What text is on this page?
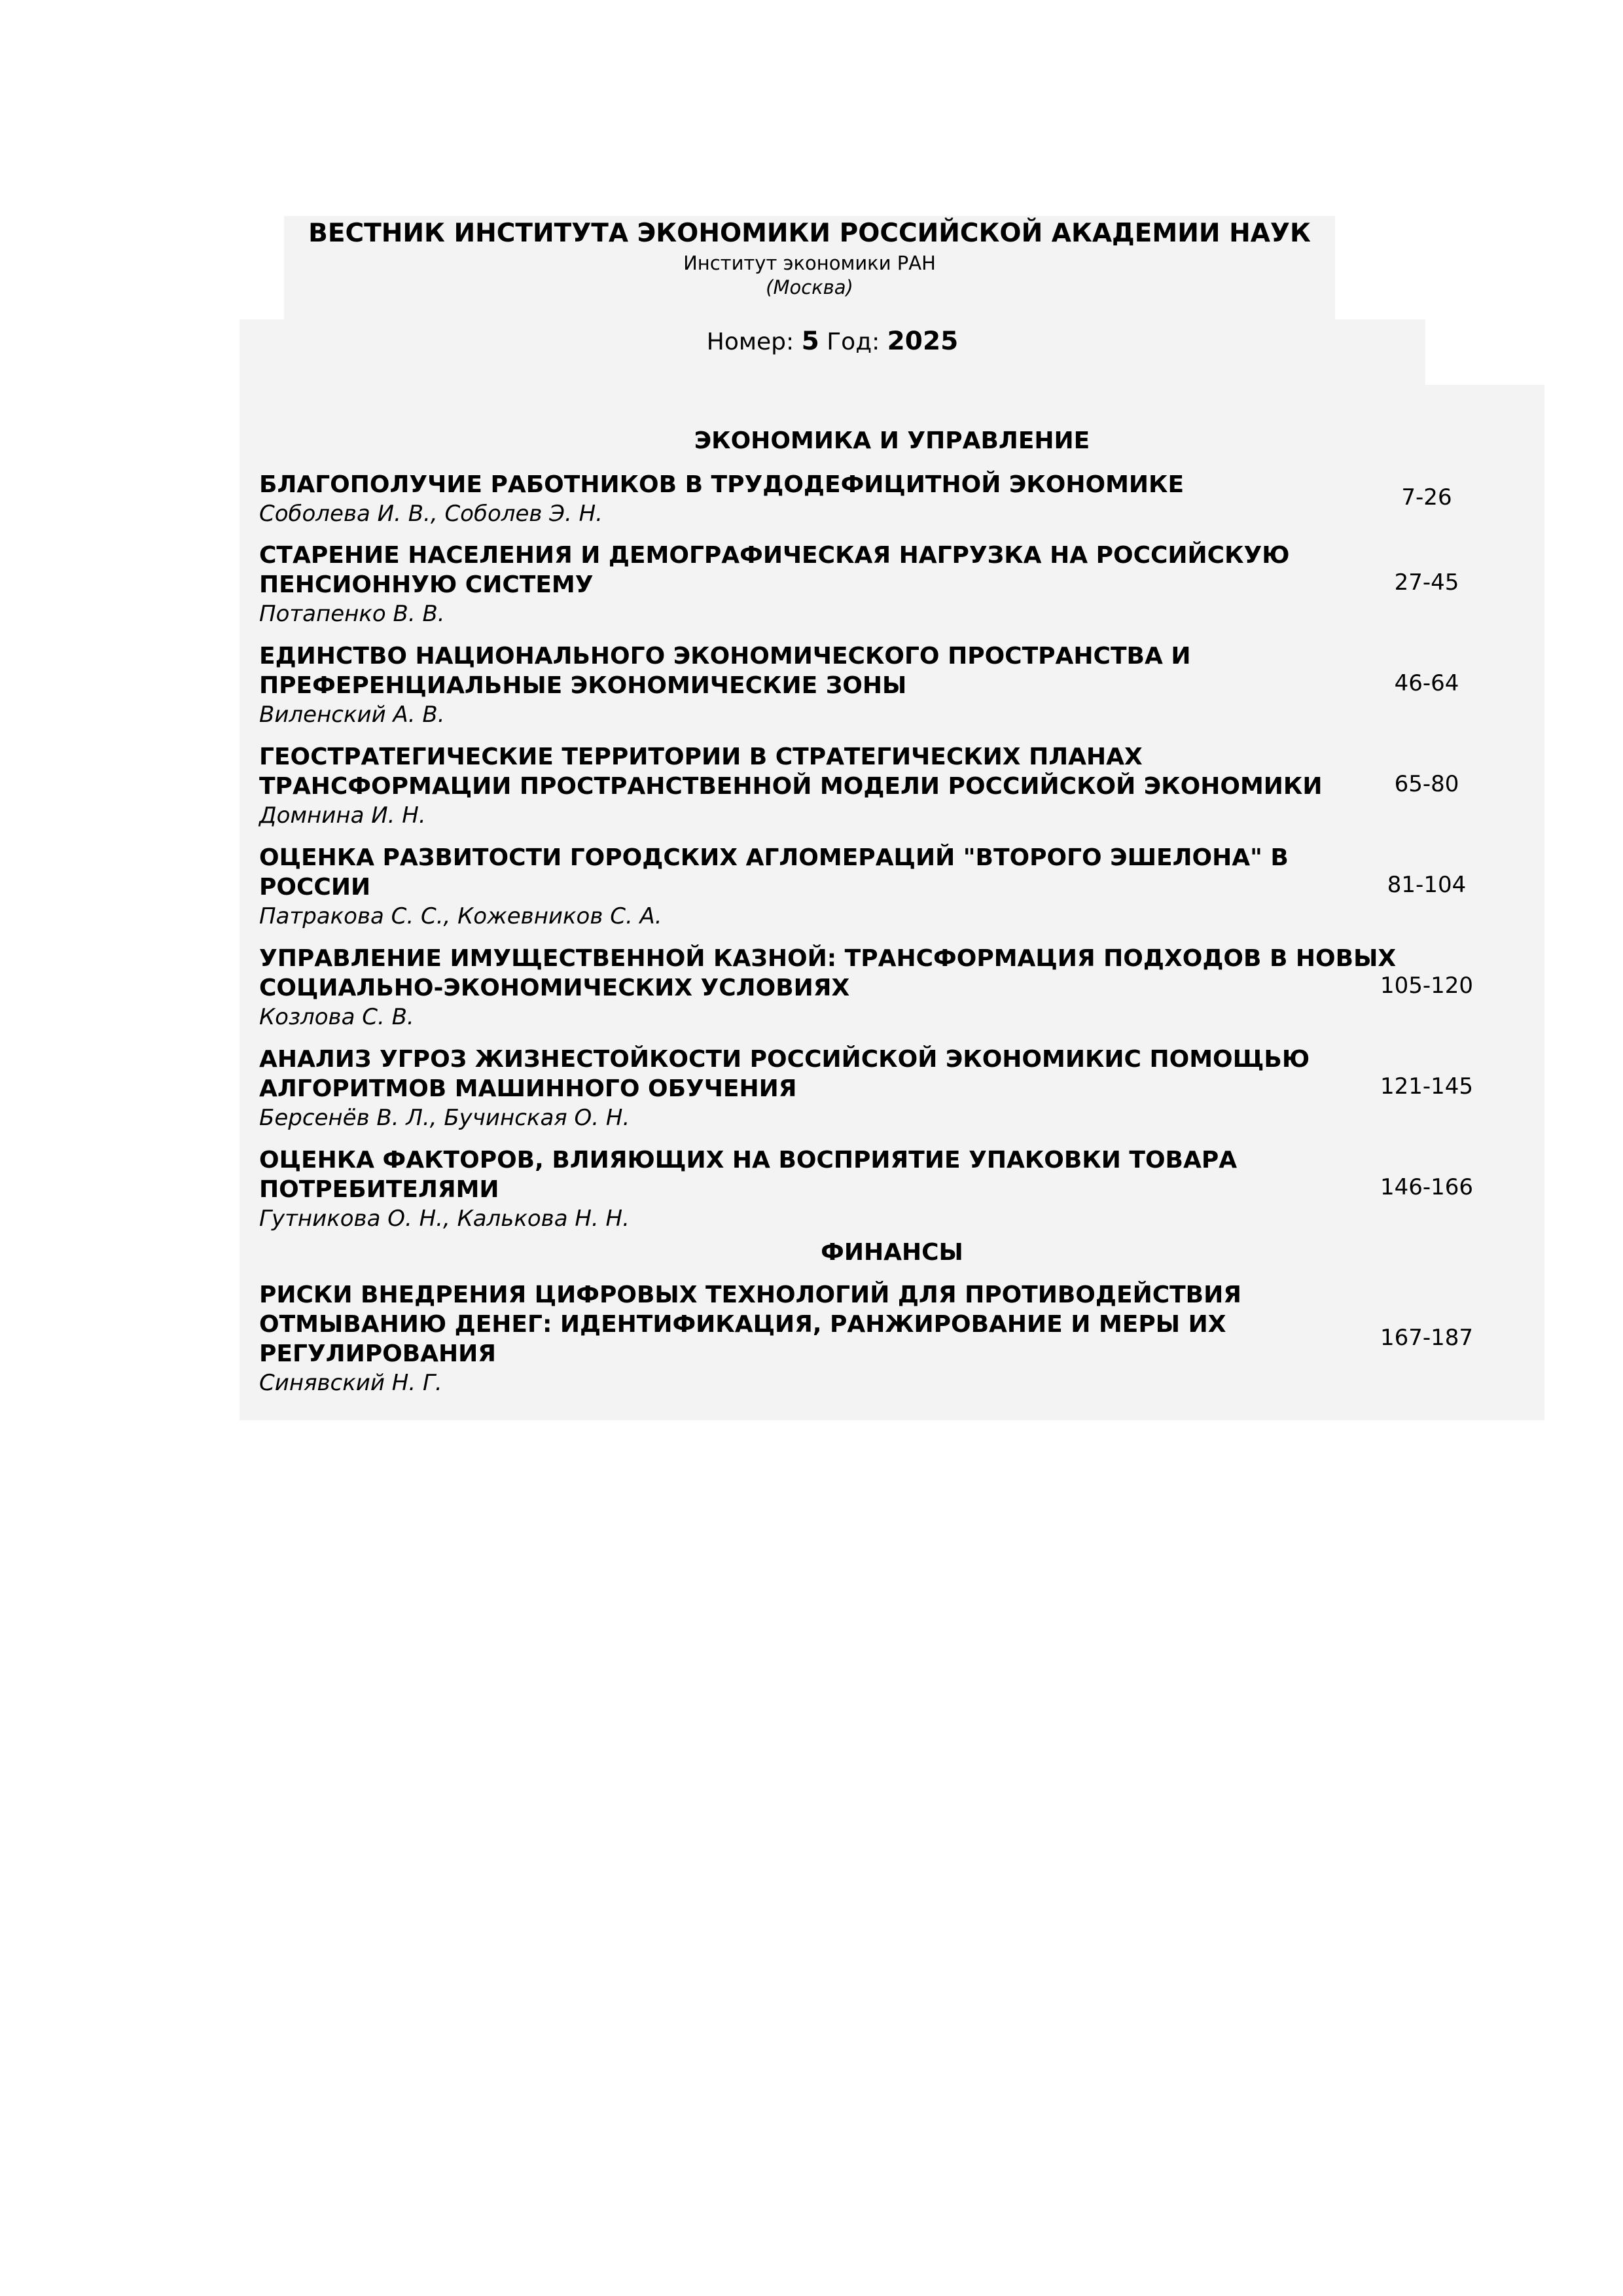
ВЕСТНИК ИНСТИТУТА ЭКОНОМИКИ РОССИЙСКОЙ АКАДЕМИИ НАУК
Институт экономики РАН
(Москва)
Номер: 5 Год: 2025
ЭКОНОМИКА И УПРАВЛЕНИЕ
БЛАГОПОЛУЧИЕ РАБОТНИКОВ В ТРУДОДЕФИЦИТНОЙ ЭКОНОМИКЕ
Соболева И. В., Соболев Э. Н.
7-26
СТАРЕНИЕ НАСЕЛЕНИЯ И ДЕМОГРАФИЧЕСКАЯ НАГРУЗКА НА РОССИЙСКУЮ
ПЕНСИОННУЮ СИСТЕМУ
Потапенко В. В.
27-45
ЕДИНСТВО НАЦИОНАЛЬНОГО ЭКОНОМИЧЕСКОГО ПРОСТРАНСТВА И
ПРЕФЕРЕНЦИАЛЬНЫЕ ЭКОНОМИЧЕСКИЕ ЗОНЫ
Виленский А. В.
46-64
ГЕОСТРАТЕГИЧЕСКИЕ ТЕРРИТОРИИ В СТРАТЕГИЧЕСКИХ ПЛАНАХ
ТРАНСФОРМАЦИИ ПРОСТРАНСТВЕННОЙ МОДЕЛИ РОССИЙСКОЙ ЭКОНОМИКИ
Домнина И. Н.
65-80
ОЦЕНКА РАЗВИТОСТИ ГОРОДСКИХ АГЛОМЕРАЦИЙ "ВТОРОГО ЭШЕЛОНА" В
РОССИИ
Патракова С. С., Кожевников С. А.
81-104
УПРАВЛЕНИЕ ИМУЩЕСТВЕННОЙ КАЗНОЙ: ТРАНСФОРМАЦИЯ ПОДХОДОВ В НОВЫХ
СОЦИАЛЬНО-ЭКОНОМИЧЕСКИХ УСЛОВИЯХ
Козлова С. В.
105-120
АНАЛИЗ УГРОЗ ЖИЗНЕСТОЙКОСТИ РОССИЙСКОЙ ЭКОНОМИКИС ПОМОЩЬЮ
АЛГОРИТМОВ МАШИННОГО ОБУЧЕНИЯ
Берсенёв В. Л., Бучинская О. Н.
121-145
ОЦЕНКА ФАКТОРОВ, ВЛИЯЮЩИХ НА ВОСПРИЯТИЕ УПАКОВКИ ТОВАРА
ПОТРЕБИТЕЛЯМИ
Гутникова О. Н., Калькова Н. Н.
146-166
ФИНАНСЫ
РИСКИ ВНЕДРЕНИЯ ЦИФРОВЫХ ТЕХНОЛОГИЙ ДЛЯ ПРОТИВОДЕЙСТВИЯ
ОТМЫВАНИЮ ДЕНЕГ: ИДЕНТИФИКАЦИЯ, РАНЖИРОВАНИЕ И МЕРЫ ИХ
РЕГУЛИРОВАНИЯ
Синявский Н. Г.
167-187
